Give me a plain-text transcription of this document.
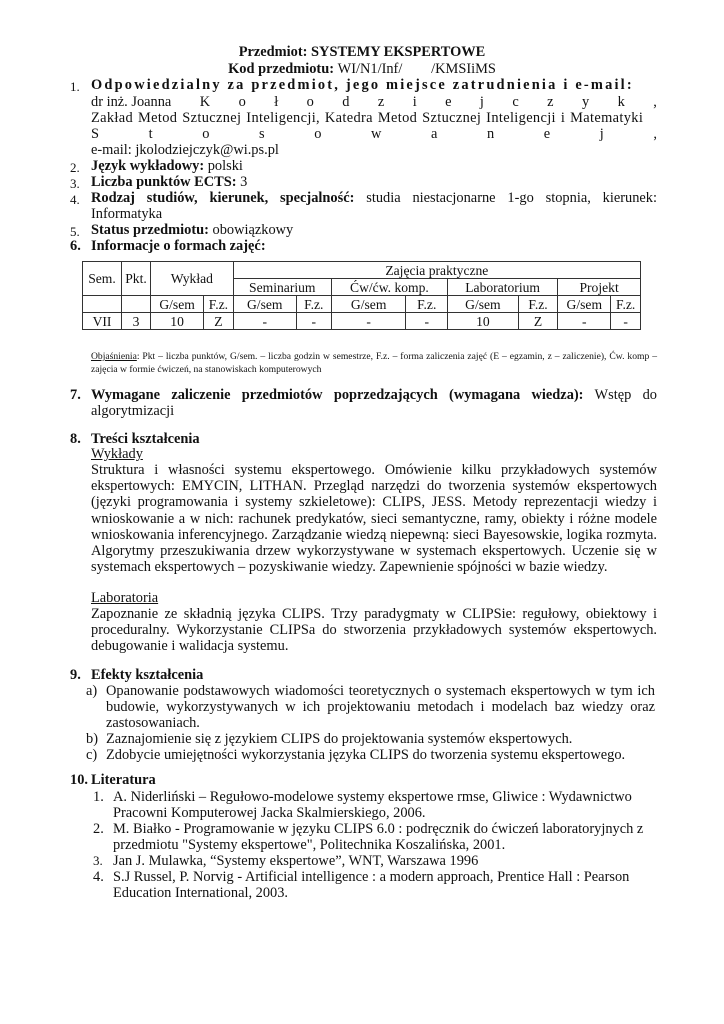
Przedmiot: SYSTEMY EKSPERTOWE
Kod przedmiotu: WI/N1/Inf/        /KMSIiMS
1. Odpowiedzialny za przedmiot, jego miejsce zatrudnienia i e-mail:
dr inż. Joanna K o ł o d z i e j c z y k ,
Zakład Metod Sztucznej Inteligencji, Katedra Metod Sztucznej Inteligencji i Matematyki
S	t	o	s	o	w	a	n	e	j	,
e-mail: jkolodziejczyk@wi.ps.pl
2. Język wykładowy: polski
3. Liczba punktów ECTS: 3
4. Rodzaj studiów, kierunek, specjalność: studia niestacjonarne 1-go stopnia, kierunek: Informatyka
5. Status przedmiotu: obowiązkowy
6. Informacje o formach zajęć:
Sem.	Pkt.	Wykład		Zajęcia praktyczne							
				Seminarium		Ćw/ćw. komp.		Laboratorium		Projekt	
		G/sem	F.z.	G/sem	F.z.	G/sem	F.z.	G/sem	F.z.	G/sem	F.z.
VII	3	10	Z	-	-	-	-	10	Z	-	-
Objaśnienia: Pkt – liczba punktów, G/sem. – liczba godzin w semestrze, F.z. – forma zaliczenia zajęć (E – egzamin, z – zaliczenie), Ćw. komp – zajęcia w formie ćwiczeń, na stanowiskach komputerowych
7. Wymagane zaliczenie przedmiotów poprzedzających (wymagana wiedza): Wstęp do algorytmizacji
8. Treści kształcenia
Wykłady
Struktura i własności systemu ekspertowego. Omówienie kilku przykładowych systemów ekspertowych: EMYCIN, LITHAN. Przegląd narzędzi do tworzenia systemów ekspertowych (języki programowania i systemy szkieletowe): CLIPS, JESS. Metody reprezentacji wiedzy i wnioskowanie a w nich: rachunek predykatów, sieci semantyczne, ramy, obiekty i różne modele wnioskowania inferencyjnego. Zarządzanie wiedzą niepewną: sieci Bayesowskie, logika rozmyta. Algorytmy przeszukiwania drzew wykorzystywane w systemach ekspertowych. Uczenie się w systemach ekspertowych – pozyskiwanie wiedzy. Zapewnienie spójności w bazie wiedzy.
Laboratoria
Zapoznanie ze składnią języka CLIPS. Trzy paradygmaty w CLIPSie: regułowy, obiektowy i proceduralny. Wykorzystanie CLIPSa do stworzenia przykładowych systemów ekspertowych. debugowanie i walidacja systemu.
9. Efekty kształcenia
a) Opanowanie podstawowych wiadomości teoretycznych o systemach ekspertowych w tym ich budowie, wykorzystywanych w ich projektowaniu metodach i modelach baz wiedzy oraz zastosowaniach.
b) Zaznajomienie się z językiem CLIPS do projektowania systemów ekspertowych.
c) Zdobycie umiejętności wykorzystania języka CLIPS do tworzenia systemu ekspertowego.
10. Literatura
1. A. Niderliński – Regułowo-modelowe systemy ekspertowe rmse, Gliwice : Wydawnictwo Pracowni Komputerowej Jacka Skalmierskiego, 2006.
2. M. Białko - Programowanie w języku CLIPS 6.0 : podręcznik do ćwiczeń laboratoryjnych z przedmiotu "Systemy ekspertowe", Politechnika Koszalińska, 2001.
3. Jan J. Mulawka, “Systemy ekspertowe”, WNT, Warszawa 1996
4. S.J Russel, P. Norvig - Artificial intelligence : a modern approach, Prentice Hall : Pearson Education International, 2003.
